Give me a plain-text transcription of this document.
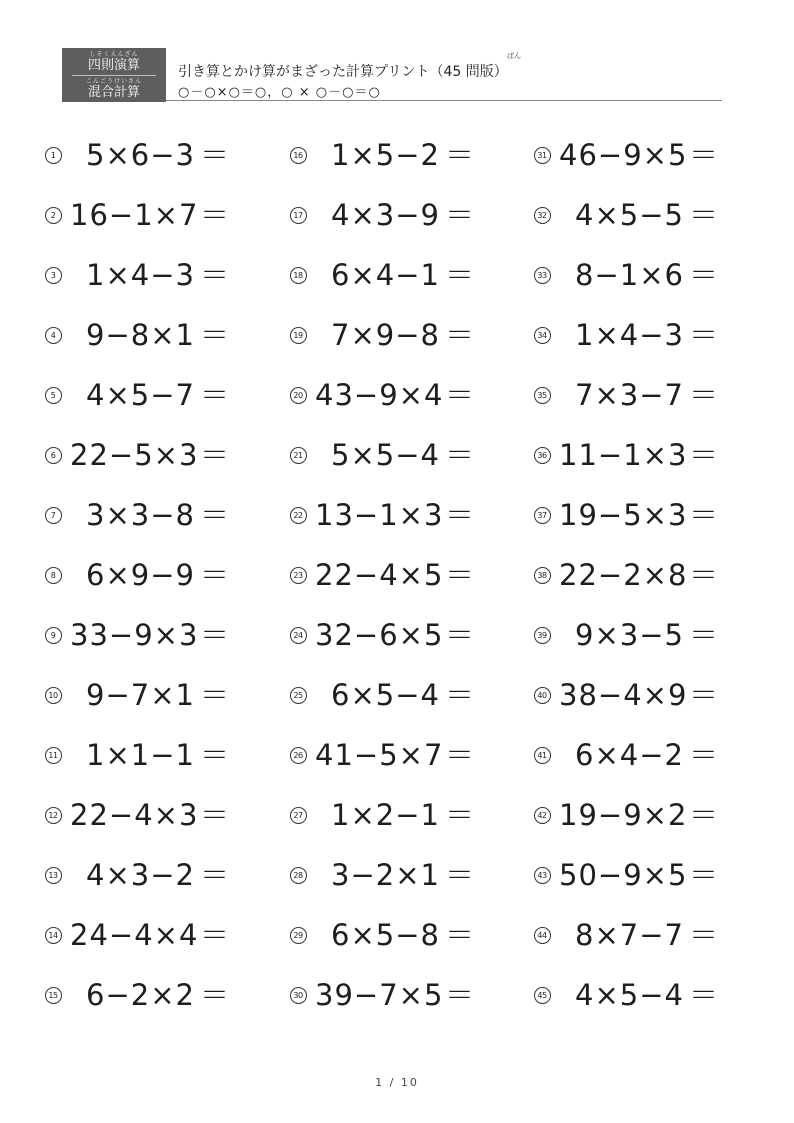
しそくえんざん
四則演算
こんごうけいさん
混合計算
ばん
引き算とかけ算がまざった計算プリント（45 問版）
○－○×○＝○，○ × ○－○＝○
1	5×6−3 ＝
2 16−1×7 ＝
3	1×4−3 ＝
4	9−8×1 ＝
5	4×5−7 ＝
6 22−5×3 ＝
7	3×3−8 ＝
8	6×9−9 ＝
9 33−9×3 ＝
10 9−7×1 ＝
11 1×1−1 ＝
12 22−4×3 ＝
13 4×3−2 ＝
14 24−4×4 ＝
15 6−2×2 ＝
16 1×5−2 ＝
17 4×3−9 ＝
18 6×4−1 ＝
19 7×9−8 ＝
20 43−9×4 ＝
21 5×5−4 ＝
22 13−1×3 ＝
23 22−4×5 ＝
24 32−6×5 ＝
25 6×5−4 ＝
26 41−5×7 ＝
27 1×2−1 ＝
28 3−2×1 ＝
29 6×5−8 ＝
30 39−7×5 ＝
31 46−9×5 ＝
32 4×5−5 ＝
33 8−1×6 ＝
34 1×4−3 ＝
35 7×3−7 ＝
36 11−1×3 ＝
37 19−5×3 ＝
38 22−2×8 ＝
39 9×3−5 ＝
40 38−4×9 ＝
41 6×4−2 ＝
42 19−9×2 ＝
43 50−9×5 ＝
44 8×7−7 ＝
45 4×5−4 ＝
1 / 10
